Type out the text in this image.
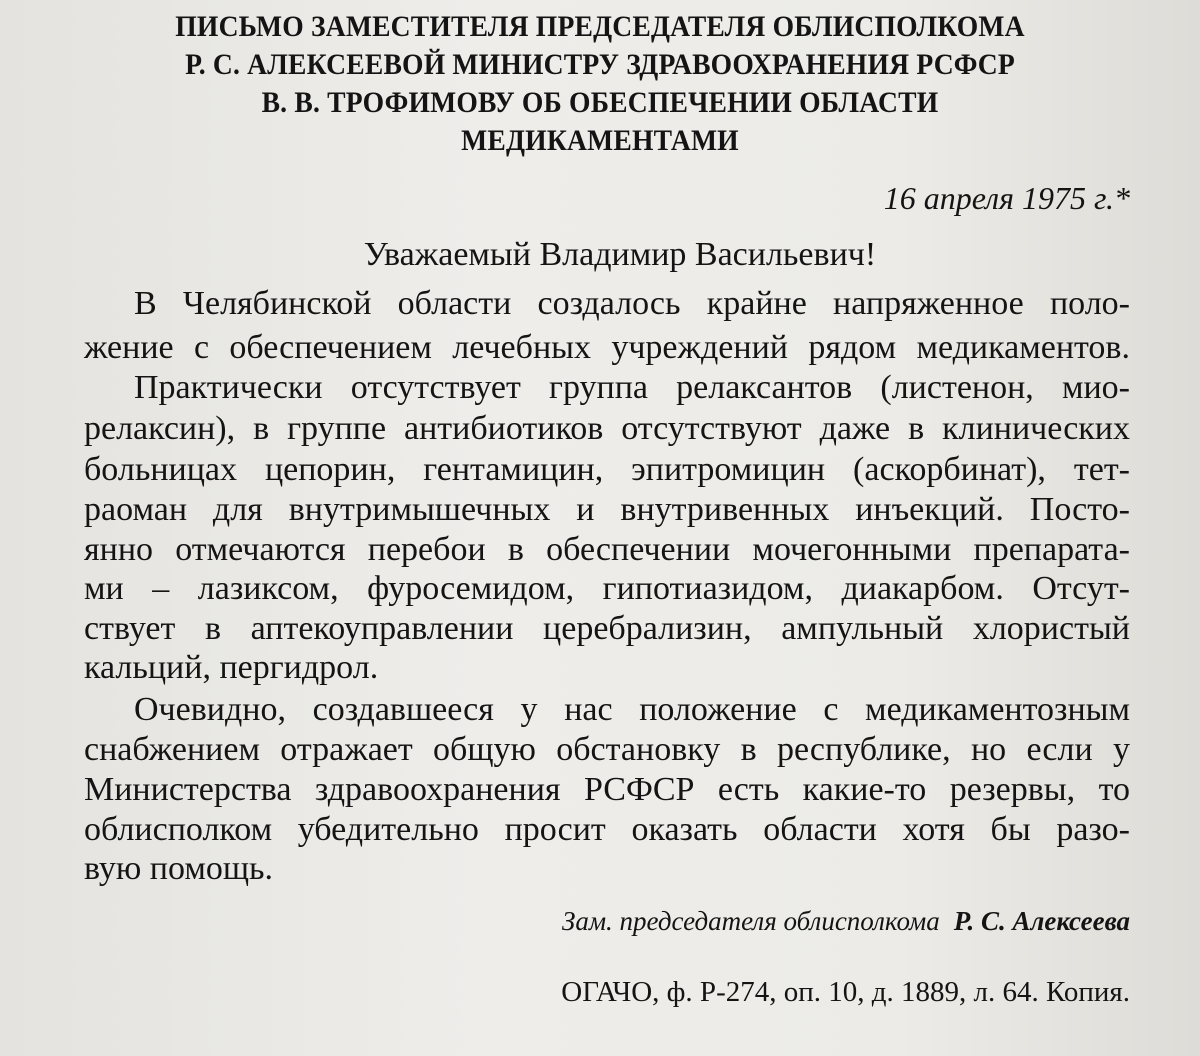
ПИСЬМО ЗАМЕСТИТЕЛЯ ПРЕДСЕДАТЕЛЯ ОБЛИСПОЛКОМА
Р. С. АЛЕКСЕЕВОЙ МИНИСТРУ ЗДРАВООХРАНЕНИЯ РСФСР
В. В. ТРОФИМОВУ ОБ ОБЕСПЕЧЕНИИ ОБЛАСТИ
МЕДИКАМЕНТАМИ
16 апреля 1975 г.*
Уважаемый Владимир Васильевич!
В Челябинской области создалось крайне напряженное поло-
жение с обеспечением лечебных учреждений рядом медикаментов.
Практически отсутствует группа релаксантов (листенон, мио-
релаксин), в группе антибиотиков отсутствуют даже в клинических
больницах цепорин, гентамицин, эпитромицин (аскорбинат), тет-
раоман для внутримышечных и внутривенных инъекций. Посто-
янно отмечаются перебои в обеспечении мочегонными препарата-
ми – лазиксом, фуросемидом, гипотиазидом, диакарбом. Отсут-
ствует в аптекоуправлении церебрализин, ампульный хлористый
кальций, пергидрол.
Очевидно, создавшееся у нас положение с медикаментозным
снабжением отражает общую обстановку в республике, но если у
Министерства здравоохранения РСФСР есть какие-то резервы, то
облисполком убедительно просит оказать области хотя бы разо-
вую помощь.
Зам. председателя облисполкома Р. С. Алексеева
ОГАЧО, ф. Р-274, оп. 10, д. 1889, л. 64. Копия.
